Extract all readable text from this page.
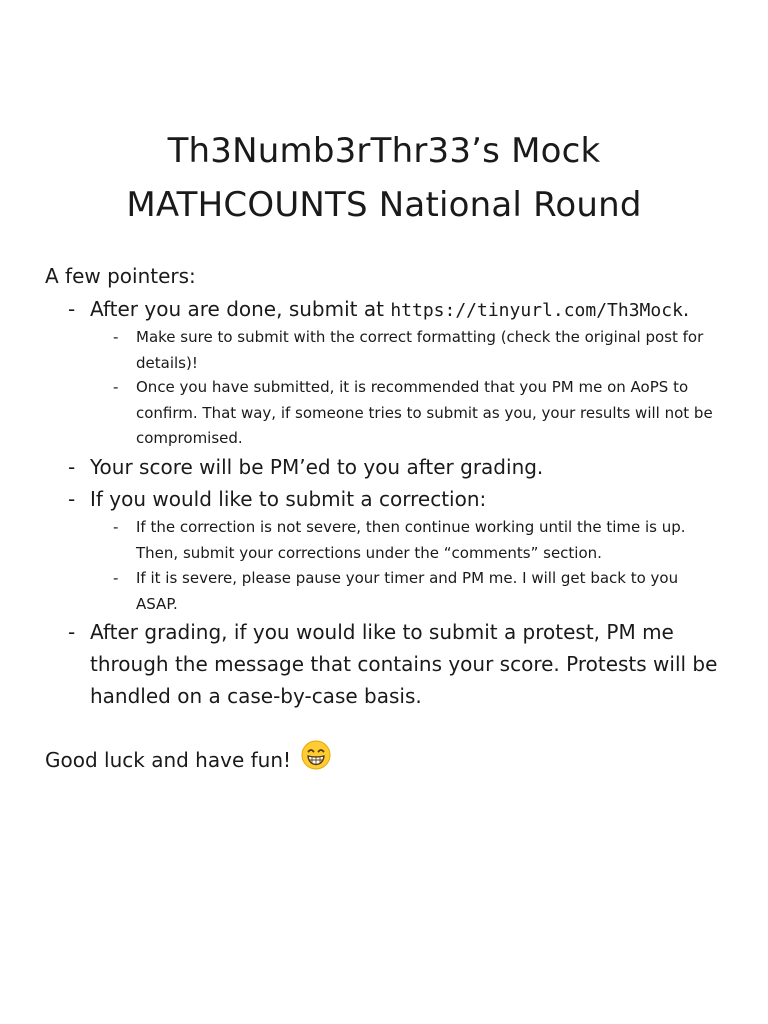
Th3Numb3rThr33’s Mock
MATHCOUNTS National Round
A few pointers:
- After you are done, submit at https://tinyurl.com/Th3Mock.
- Make sure to submit with the correct formatting (check the original post for details)!
- Once you have submitted, it is recommended that you PM me on AoPS to confirm. That way, if someone tries to submit as you, your results will not be compromised.
- Your score will be PM’ed to you after grading.
- If you would like to submit a correction:
- If the correction is not severe, then continue working until the time is up. Then, submit your corrections under the “comments” section.
- If it is severe, please pause your timer and PM me. I will get back to you ASAP.
- After grading, if you would like to submit a protest, PM me through the message that contains your score. Protests will be handled on a case-by-case basis.
Good luck and have fun!
